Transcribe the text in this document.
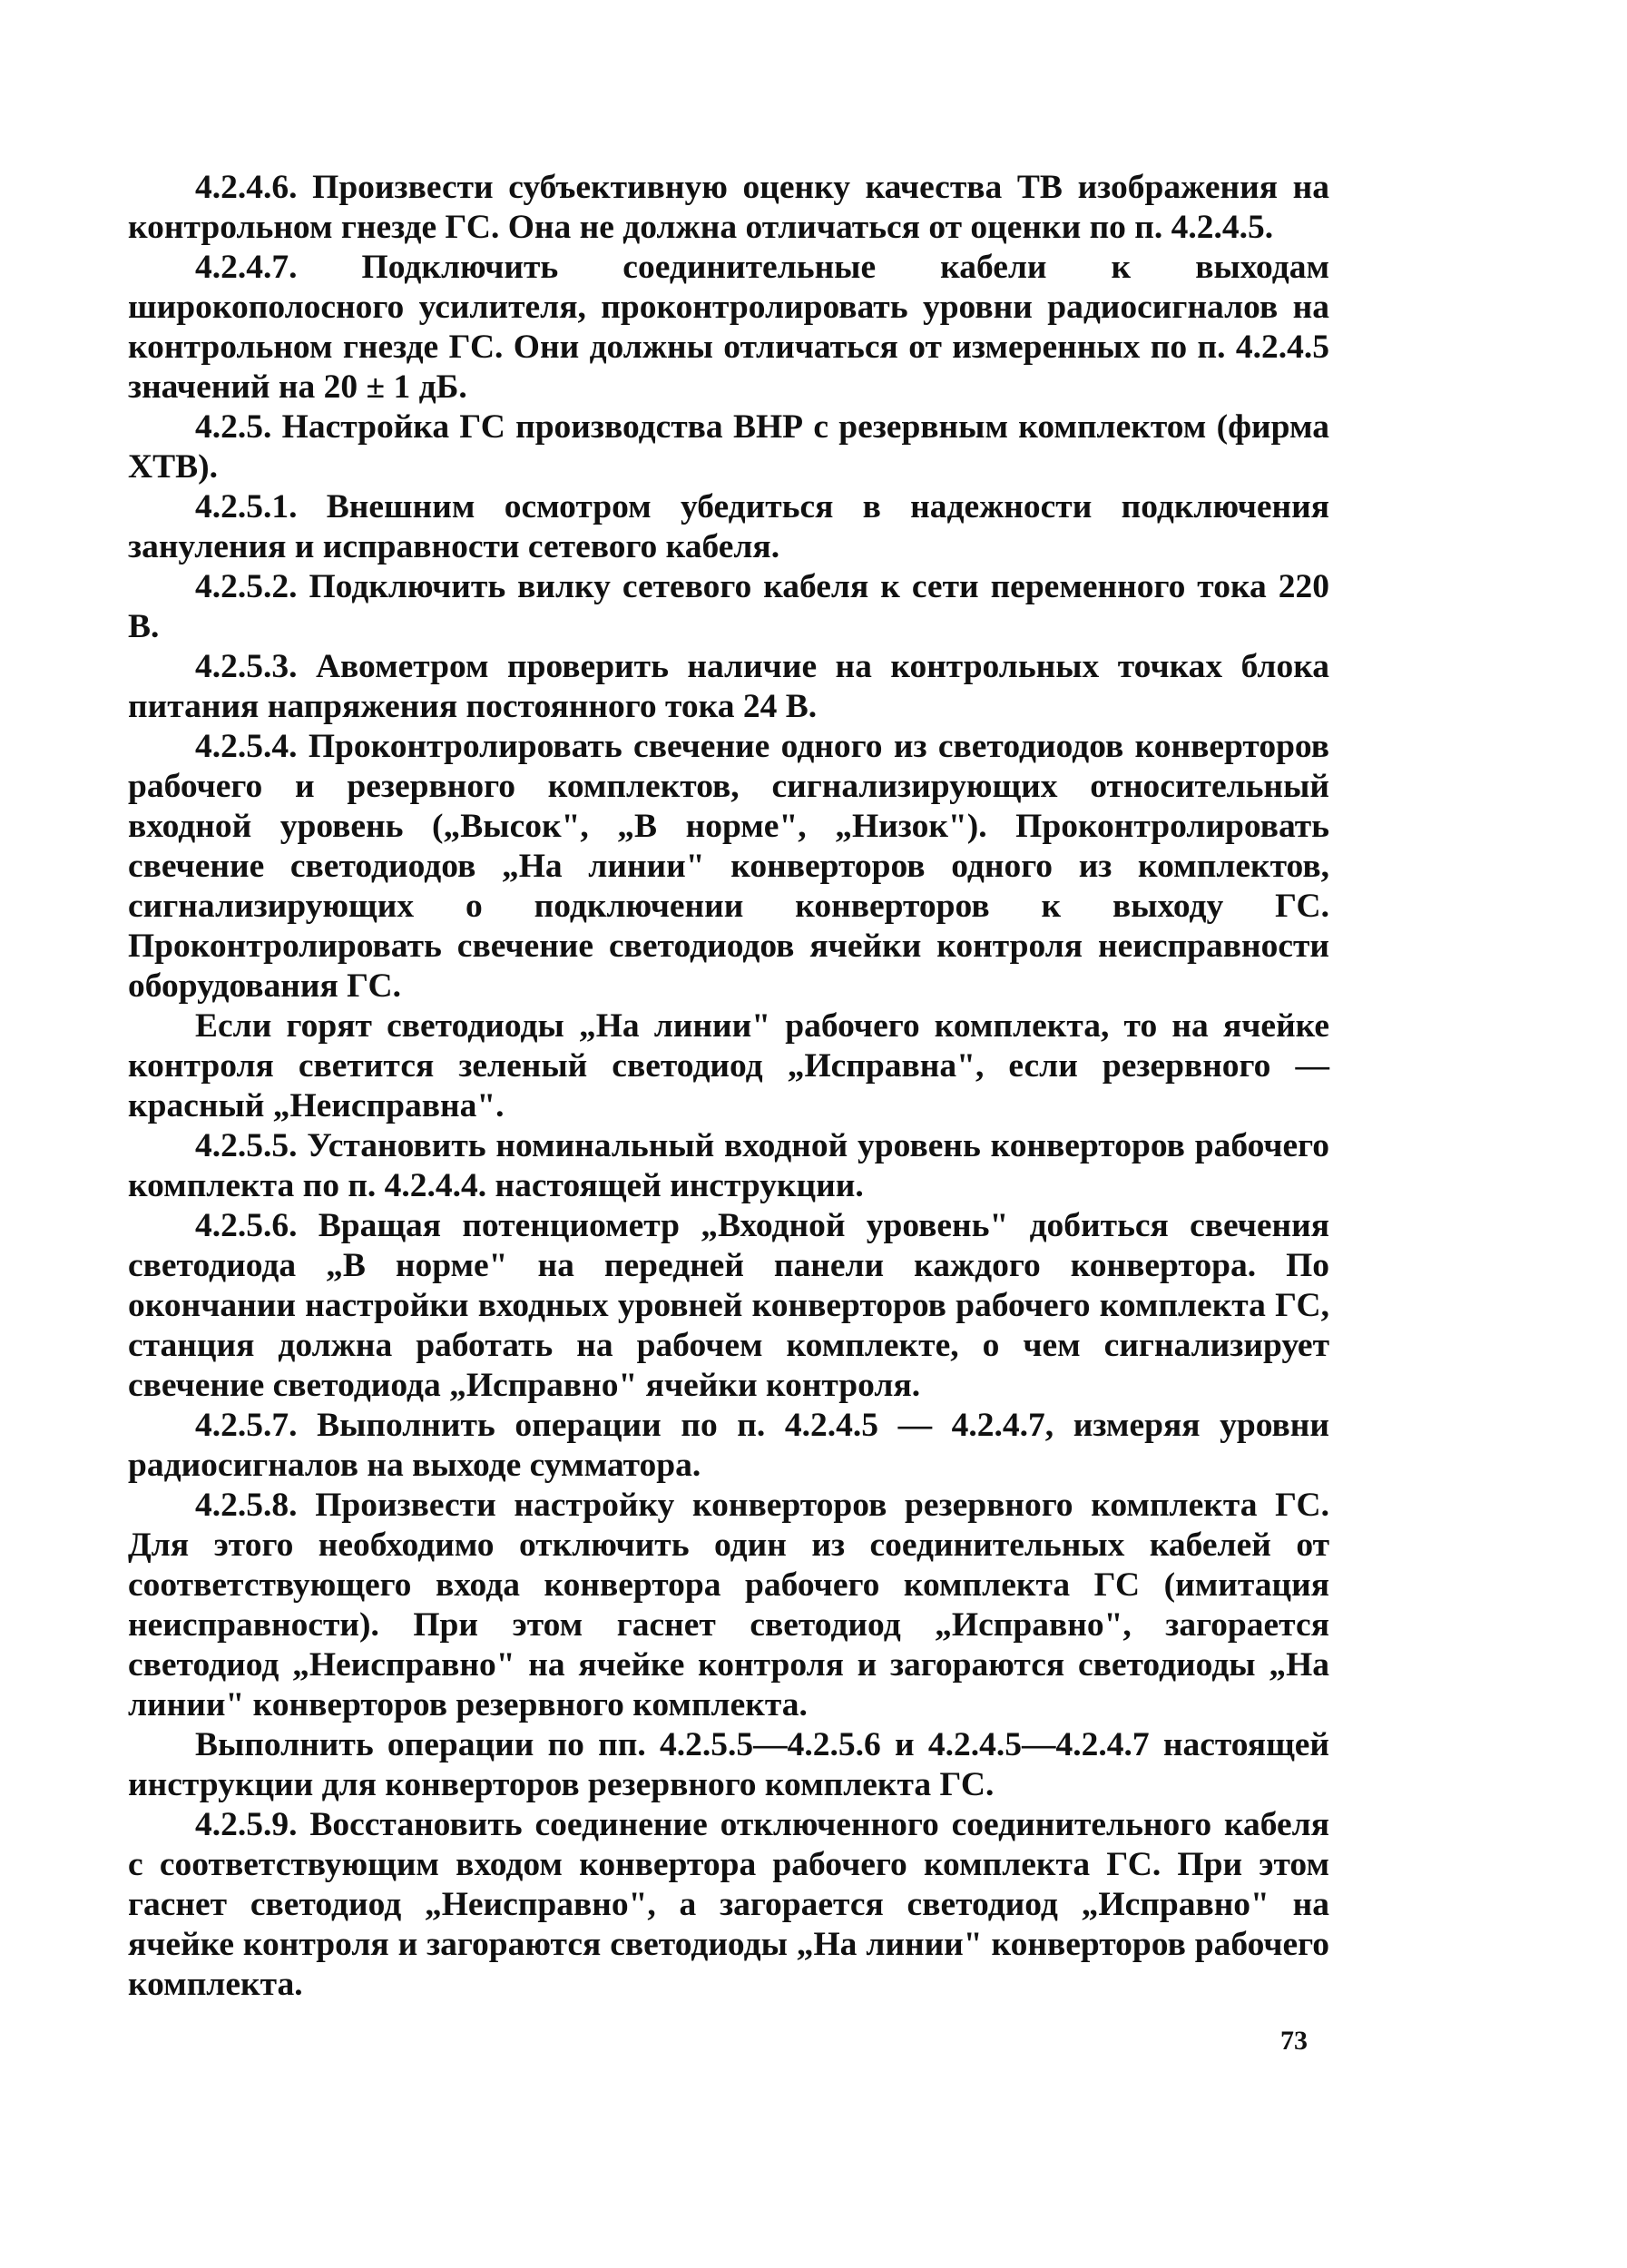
4.2.4.6. Произвести субъективную оценку качества ТВ изображения на контрольном гнезде ГС. Она не должна отличаться от оценки по п. 4.2.4.5.

4.2.4.7. Подключить соединительные кабели к выходам широкополосного усилителя, проконтролировать уровни радиосигналов на контрольном гнезде ГС. Они должны отличаться от измеренных по п. 4.2.4.5 значений на 20 ± 1 дБ.

4.2.5. Настройка ГС производства ВНР с резервным комплектом (фирма ХТВ).

4.2.5.1. Внешним осмотром убедиться в надежности подключения зануления и исправности сетевого кабеля.

4.2.5.2. Подключить вилку сетевого кабеля к сети переменного тока 220 В.

4.2.5.3. Авометром проверить наличие на контрольных точках блока питания напряжения постоянного тока 24 В.

4.2.5.4. Проконтролировать свечение одного из светодиодов конверторов рабочего и резервного комплектов, сигнализирующих относительный входной уровень („Высок", „В норме", „Низок"). Проконтролировать свечение светодиодов „На линии" конверторов одного из комплектов, сигнализирующих о подключении конверторов к выходу ГС. Проконтролировать свечение светодиодов ячейки контроля неисправности оборудования ГС.

Если горят светодиоды „На линии" рабочего комплекта, то на ячейке контроля светится зеленый светодиод „Исправна", если резервного — красный „Неисправна".

4.2.5.5. Установить номинальный входной уровень конверторов рабочего комплекта по п. 4.2.4.4. настоящей инструкции.

4.2.5.6. Вращая потенциометр „Входной уровень" добиться свечения светодиода „В норме" на передней панели каждого конвертора. По окончании настройки входных уровней конверторов рабочего комплекта ГС, станция должна работать на рабочем комплекте, о чем сигнализирует свечение светодиода „Исправно" ячейки контроля.

4.2.5.7. Выполнить операции по п. 4.2.4.5 — 4.2.4.7, измеряя уровни радиосигналов на выходе сумматора.

4.2.5.8. Произвести настройку конверторов резервного комплекта ГС. Для этого необходимо отключить один из соединительных кабелей от соответствующего входа конвертора рабочего комплекта ГС (имитация неисправности). При этом гаснет светодиод „Исправно", загорается светодиод „Неисправно" на ячейке контроля и загораются светодиоды „На линии" конверторов резервного комплекта.

Выполнить операции по пп. 4.2.5.5—4.2.5.6 и 4.2.4.5—4.2.4.7 настоящей инструкции для конверторов резервного комплекта ГС.

4.2.5.9. Восстановить соединение отключенного соединительного кабеля с соответствующим входом конвертора рабочего комплекта ГС. При этом гаснет светодиод „Неисправно", а загорается светодиод „Исправно" на ячейке контроля и загораются светодиоды „На линии" конверторов рабочего комплекта.

73
